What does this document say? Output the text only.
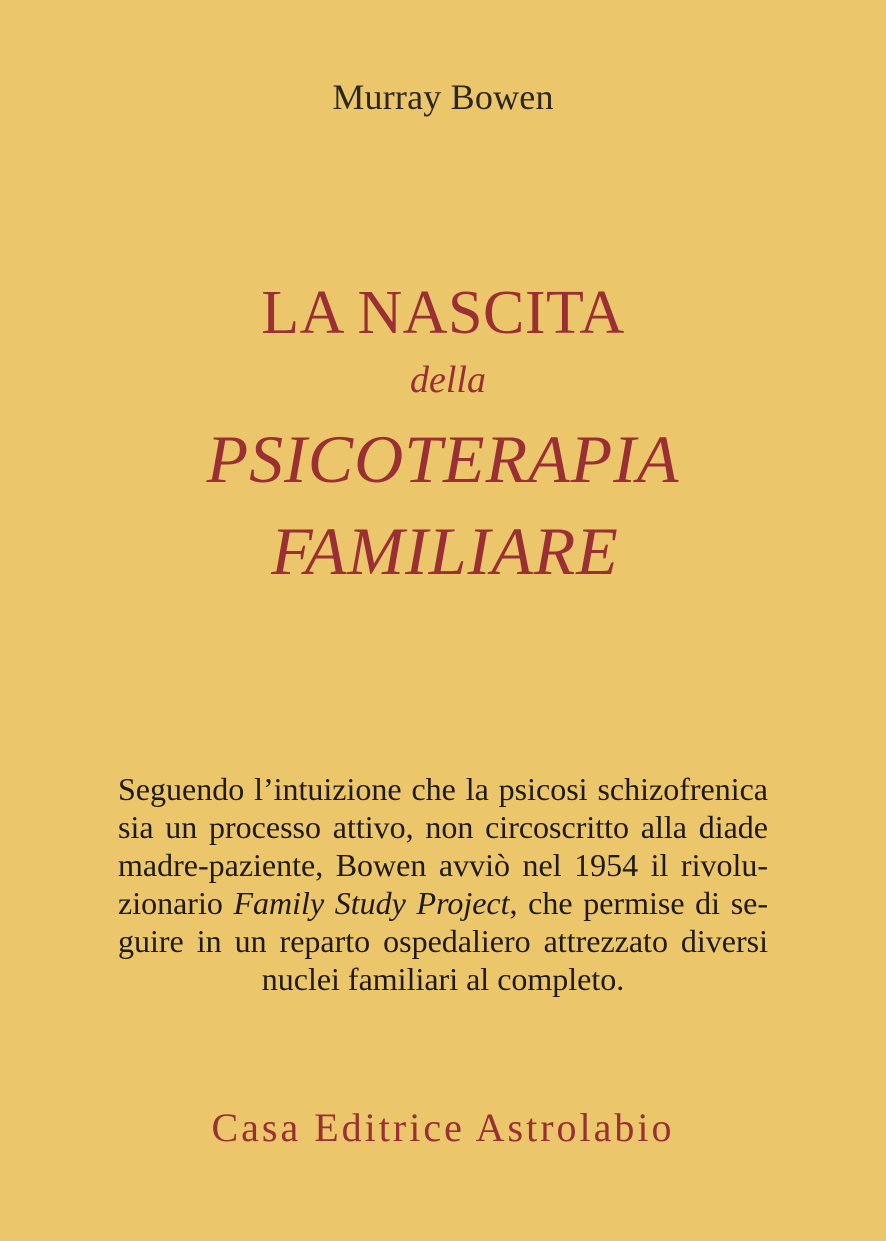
Murray Bowen
LA NASCITA
della
PSICOTERAPIA
FAMILIARE
Seguendo l’intuizione che la psicosi schizofrenica
sia un processo attivo, non circoscritto alla diade
madre-paziente, Bowen avviò nel 1954 il rivolu-
zionario Family Study Project, che permise di se-
guire in un reparto ospedaliero attrezzato diversi
nuclei familiari al completo.
Casa Editrice Astrolabio
